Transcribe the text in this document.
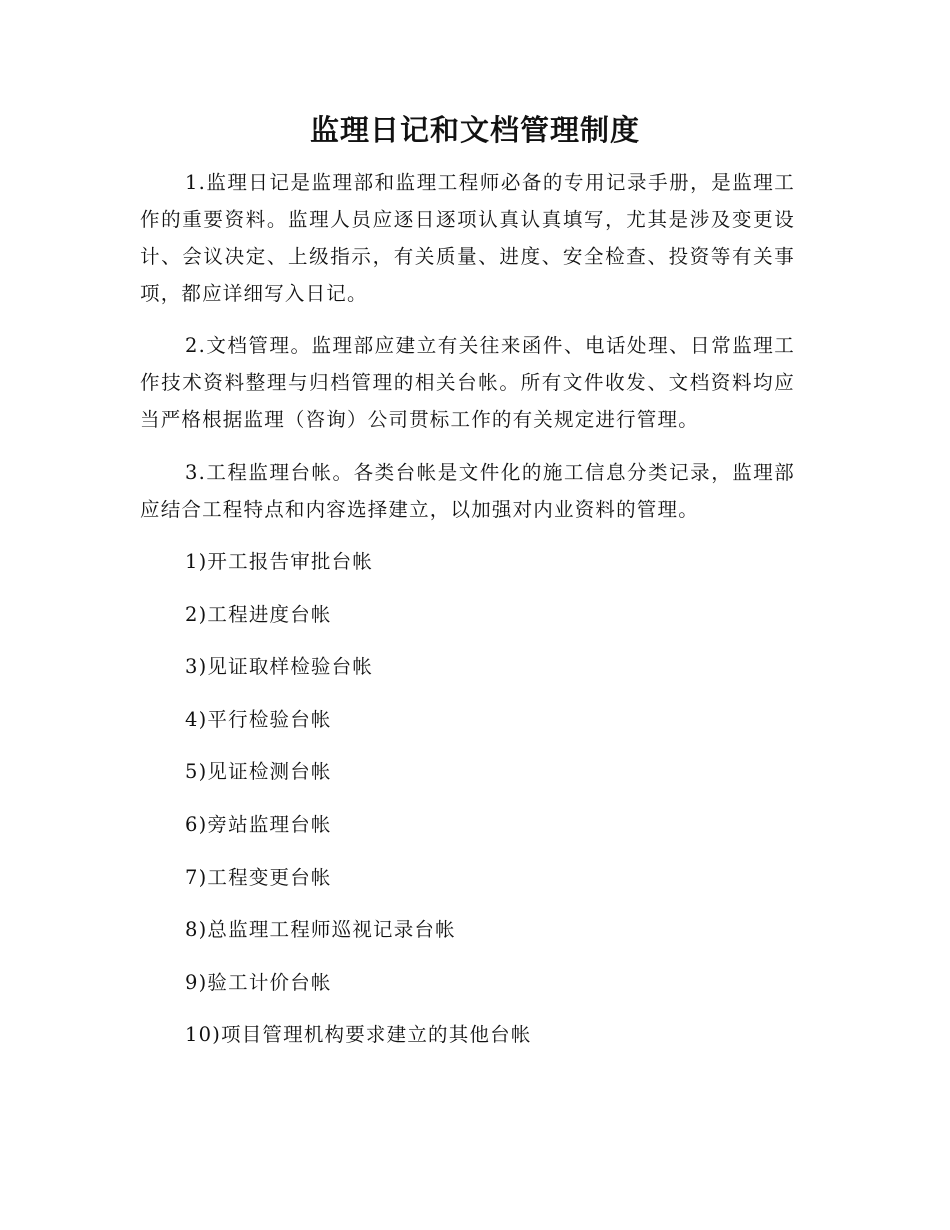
监理日记和文档管理制度

1.监理日记是监理部和监理工程师必备的专用记录手册，是监理工作的重要资料。监理人员应逐日逐项认真认真填写，尤其是涉及变更设计、会议决定、上级指示，有关质量、进度、安全检查、投资等有关事项，都应详细写入日记。

2.文档管理。监理部应建立有关往来函件、电话处理、日常监理工作技术资料整理与归档管理的相关台帐。所有文件收发、文档资料均应当严格根据监理（咨询）公司贯标工作的有关规定进行管理。

3.工程监理台帐。各类台帐是文件化的施工信息分类记录，监理部应结合工程特点和内容选择建立，以加强对内业资料的管理。

1)开工报告审批台帐

2)工程进度台帐

3)见证取样检验台帐

4)平行检验台帐

5)见证检测台帐

6)旁站监理台帐

7)工程变更台帐

8)总监理工程师巡视记录台帐

9)验工计价台帐

10)项目管理机构要求建立的其他台帐
